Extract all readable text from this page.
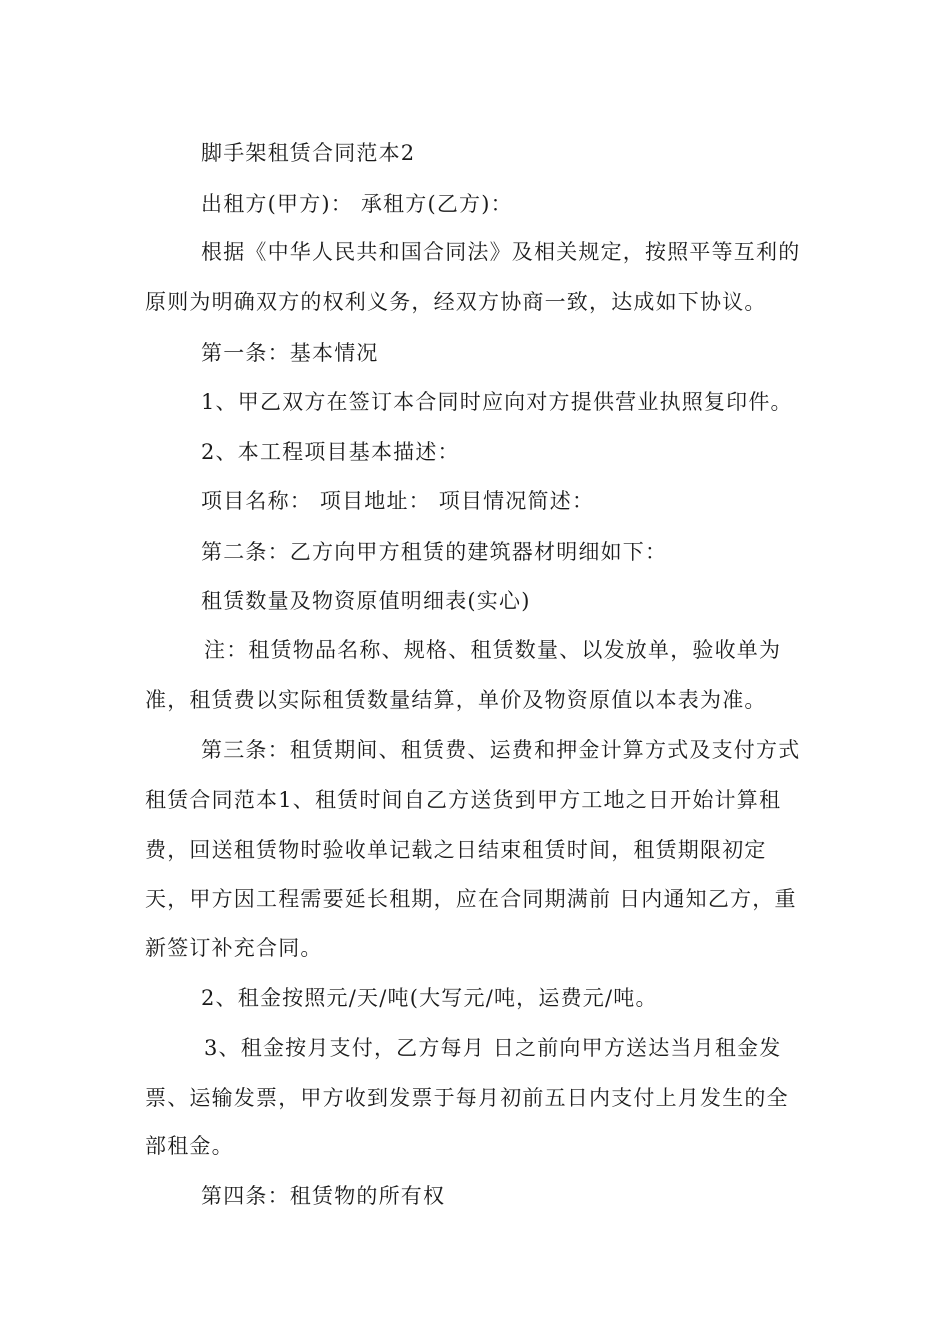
脚手架租赁合同范本2
出租方(甲方)： 承租方(乙方)：
根据《中华人民共和国合同法》及相关规定，按照平等互利的
原则为明确双方的权利义务，经双方协商一致，达成如下协议。
第一条：基本情况
1、甲乙双方在签订本合同时应向对方提供营业执照复印件。
2、本工程项目基本描述：
项目名称： 项目地址： 项目情况简述：
第二条：乙方向甲方租赁的建筑器材明细如下：
租赁数量及物资原值明细表(实心)
注：租赁物品名称、规格、租赁数量、以发放单，验收单为
准，租赁费以实际租赁数量结算，单价及物资原值以本表为准。
第三条：租赁期间、租赁费、运费和押金计算方式及支付方式
租赁合同范本1、租赁时间自乙方送货到甲方工地之日开始计算租
费，回送租赁物时验收单记载之日结束租赁时间，租赁期限初定
天，甲方因工程需要延长租期，应在合同期满前 日内通知乙方，重
新签订补充合同。
2、租金按照元/天/吨(大写元/吨，运费元/吨。
3、租金按月支付，乙方每月 日之前向甲方送达当月租金发
票、运输发票，甲方收到发票于每月初前五日内支付上月发生的全
部租金。
第四条：租赁物的所有权
